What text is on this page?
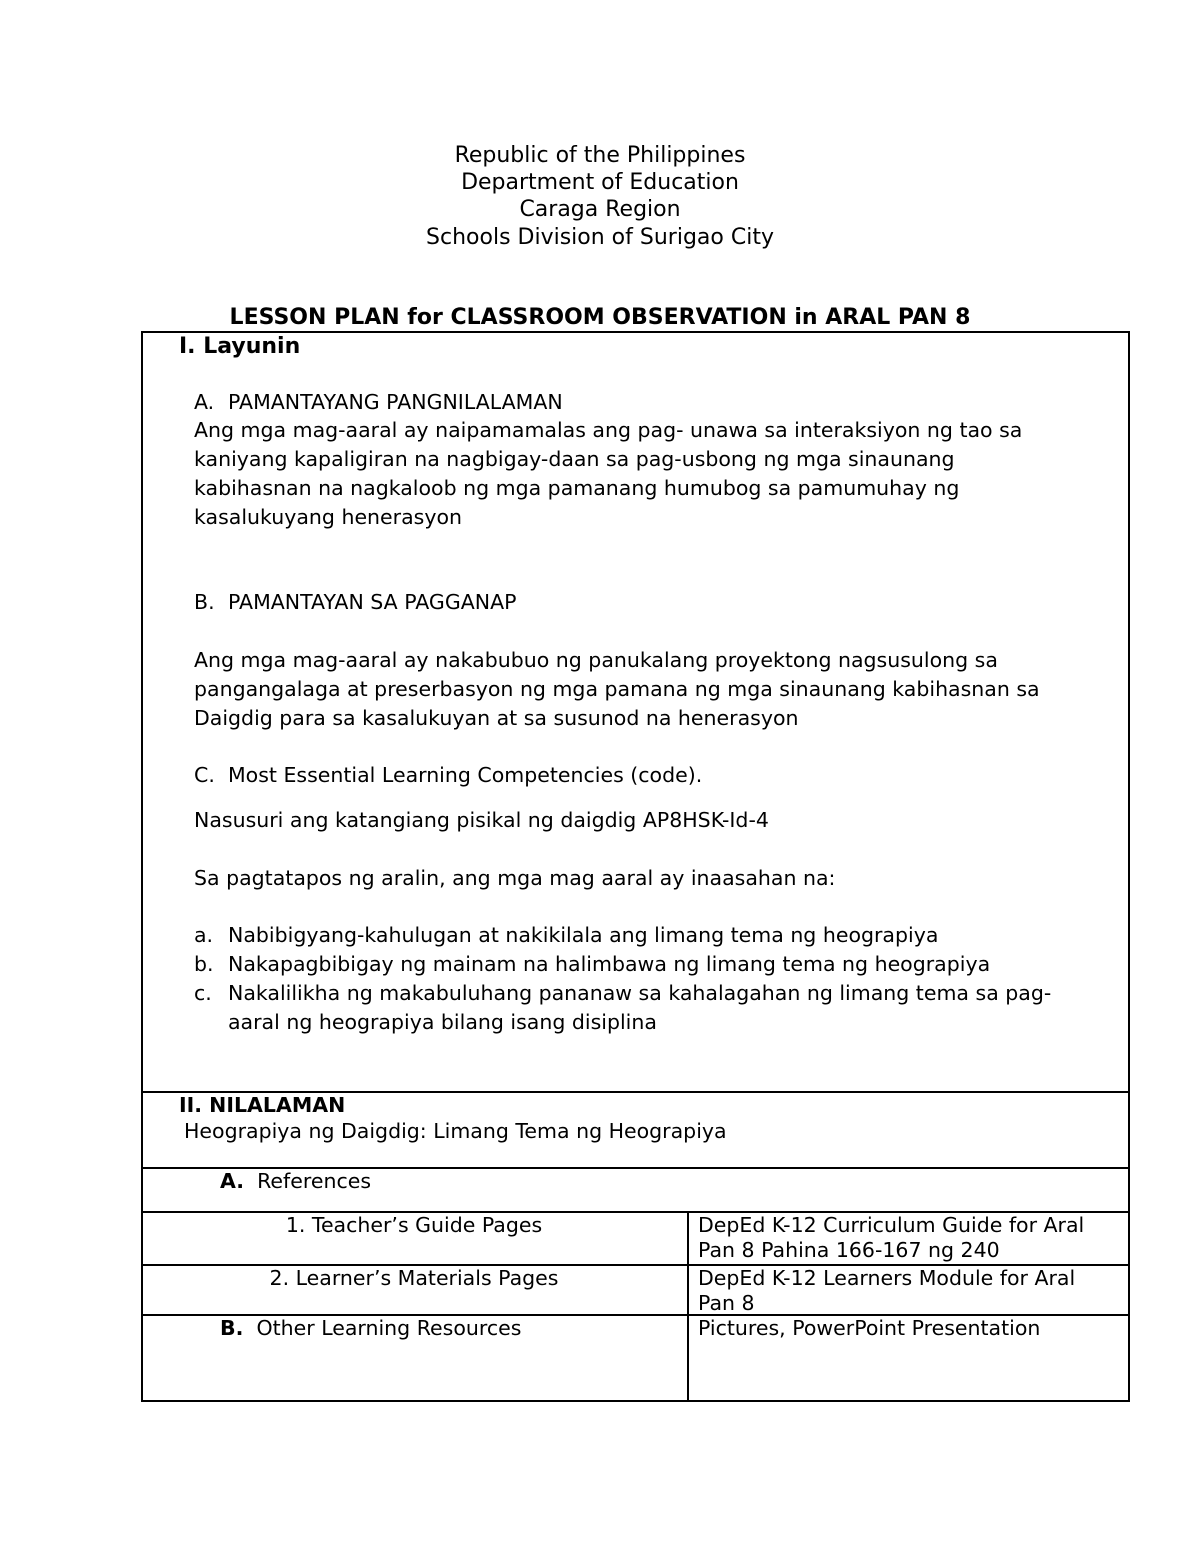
Republic of the Philippines
Department of Education
Caraga Region
Schools Division of Surigao City
LESSON PLAN for CLASSROOM OBSERVATION in ARAL PAN 8
I. Layunin
A. PAMANTAYANG PANGNILALAMAN
Ang mga mag-aaral ay naipamamalas ang pag- unawa sa interaksiyon ng tao sa
kaniyang kapaligiran na nagbigay-daan sa pag-usbong ng mga sinaunang
kabihasnan na nagkaloob ng mga pamanang humubog sa pamumuhay ng
kasalukuyang henerasyon
B. PAMANTAYAN SA PAGGANAP
Ang mga mag-aaral ay nakabubuo ng panukalang proyektong nagsusulong sa
pangangalaga at preserbasyon ng mga pamana ng mga sinaunang kabihasnan sa
Daigdig para sa kasalukuyan at sa susunod na henerasyon
C. Most Essential Learning Competencies (code).
Nasusuri ang katangiang pisikal ng daigdig AP8HSK-Id-4
Sa pagtatapos ng aralin, ang mga mag aaral ay inaasahan na:
a. Nabibigyang-kahulugan at nakikilala ang limang tema ng heograpiya
b. Nakapagbibigay ng mainam na halimbawa ng limang tema ng heograpiya
c. Nakalilikha ng makabuluhang pananaw sa kahalagahan ng limang tema sa pag-
aaral ng heograpiya bilang isang disiplina
II. NILALAMAN
Heograpiya ng Daigdig: Limang Tema ng Heograpiya
A. References
1. Teacher’s Guide Pages	DepEd K-12 Curriculum Guide for Aral
Pan 8 Pahina 166-167 ng 240
2. Learner’s Materials Pages	DepEd K-12 Learners Module for Aral
Pan 8
B. Other Learning Resources	Pictures, PowerPoint Presentation
